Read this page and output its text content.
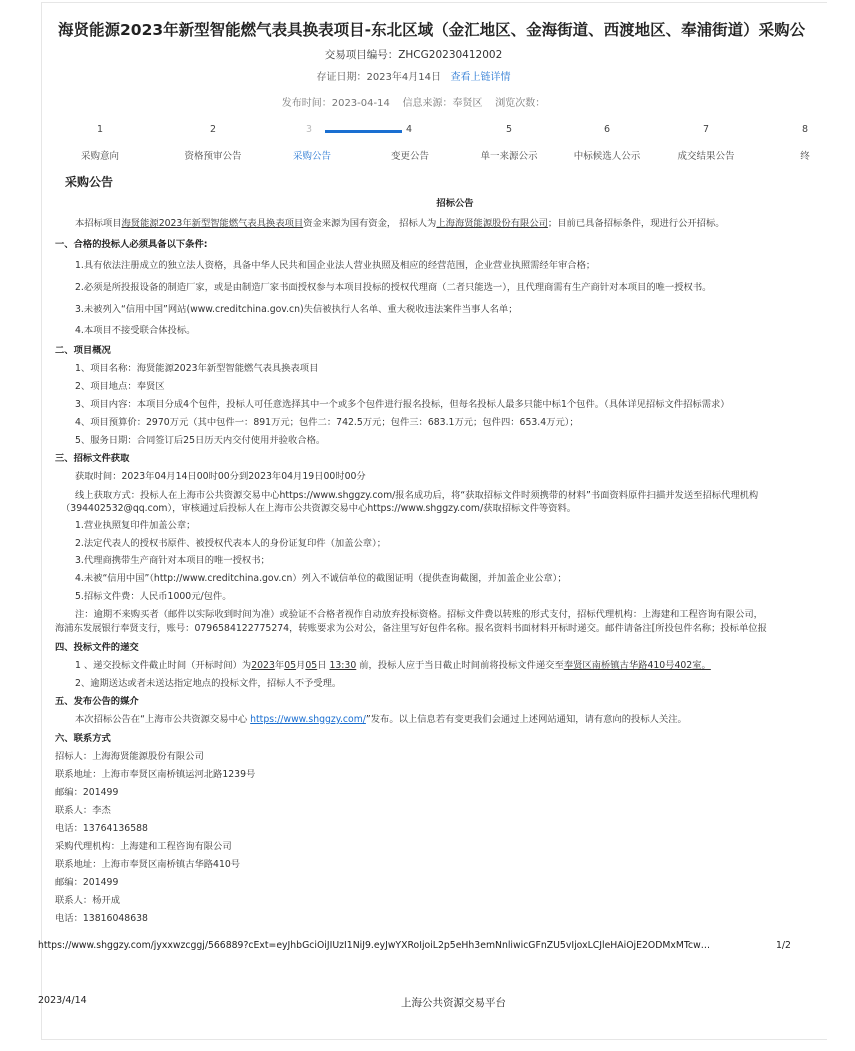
海贤能源2023年新型智能燃气表具换表项目-东北区域（金汇地区、金海街道、西渡地区、奉浦街道）采购公
交易项目编号：ZHCG20230412002
存证日期：2023年4月14日 查看上链详情
发布时间：2023-04-14 信息来源：奉贤区 浏览次数：
1
采购意向
2
资格预审公告
3
采购公告
4
变更公告
5
单一来源公示
6
中标候选人公示
7
成交结果公告
8
终
采购公告
招标公告
本招标项目海贤能源2023年新型智能燃气表具换表项目资金来源为国有资金， 招标人为上海海贤能源股份有限公司；目前已具备招标条件，现进行公开招标。
一、合格的投标人必须具备以下条件:
1.具有依法注册成立的独立法人资格，具备中华人民共和国企业法人营业执照及相应的经营范围，企业营业执照需经年审合格；
2.必须是所投报设备的制造厂家，或是由制造厂家书面授权参与本项目投标的授权代理商（二者只能选一），且代理商需有生产商针对本项目的唯一授权书。
3.未被列入“信用中国”网站(www.creditchina.gov.cn)失信被执行人名单、重大税收违法案件当事人名单；
4.本项目不接受联合体投标。
二、项目概况
1、项目名称：海贤能源2023年新型智能燃气表具换表项目
2、项目地点：奉贤区
3、项目内容：本项目分成4个包件，投标人可任意选择其中一个或多个包件进行报名投标，但每名投标人最多只能中标1个包件。（具体详见招标文件招标需求）
4、项目预算价：2970万元（其中包件一：891万元；包件二：742.5万元；包件三：683.1万元；包件四：653.4万元）；
5、服务日期：合同签订后25日历天内交付使用并验收合格。
三、招标文件获取
获取时间：2023年04月14日00时00分到2023年04月19日00时00分
线上获取方式：投标人在上海市公共资源交易中心https://www.shggzy.com/报名成功后，将“获取招标文件时须携带的材料”书面资料原件扫描并发送至招标代理机构
（394402532@qq.com），审核通过后投标人在上海市公共资源交易中心https://www.shggzy.com/获取招标文件等资料。
1.营业执照复印件加盖公章；
2.法定代表人的授权书原件、被授权代表本人的身份证复印件（加盖公章）；
3.代理商携带生产商针对本项目的唯一授权书；
4.未被“信用中国”（http://www.creditchina.gov.cn）列入不诚信单位的截图证明（提供查询截图，并加盖企业公章）；
5.招标文件费：人民币1000元/包件。
注：逾期不来购买者（邮件以实际收到时间为准）或验证不合格者视作自动放弃投标资格。招标文件费以转账的形式支付，招标代理机构：上海建和工程咨询有限公司，
海浦东发展银行奉贤支行，账号：0796584122775274，转账要求为公对公，备注里写好包件名称。报名资料书面材料开标时递交。邮件请备注[所投包件名称；投标单位报
四、投标文件的递交
1 、递交投标文件截止时间（开标时间）为2023年05月05日 13:30 前，投标人应于当日截止时间前将投标文件递交至奉贤区南桥镇古华路410号402室。
2、逾期送达或者未送达指定地点的投标文件，招标人不予受理。
五、发布公告的媒介
本次招标公告在“上海市公共资源交易中心 https://www.shggzy.com/”发布。以上信息若有变更我们会通过上述网站通知，请有意向的投标人关注。
六、联系方式
招标人：上海海贤能源股份有限公司
联系地址：上海市奉贤区南桥镇运河北路1239号
邮编：201499
联系人：李杰
电话：13764136588
采购代理机构：上海建和工程咨询有限公司
联系地址：上海市奉贤区南桥镇古华路410号
邮编：201499
联系人：杨开成
电话：13816048638
https://www.shggzy.com/jyxxwzcggj/566889?cExt=eyJhbGciOiJIUzI1NiJ9.eyJwYXRoIjoiL2p5eHh3emNnliwicGFnZU5vIjoxLCJleHAiOjE2ODMxMTcw…	1/2
2023/4/14	上海公共资源交易平台
